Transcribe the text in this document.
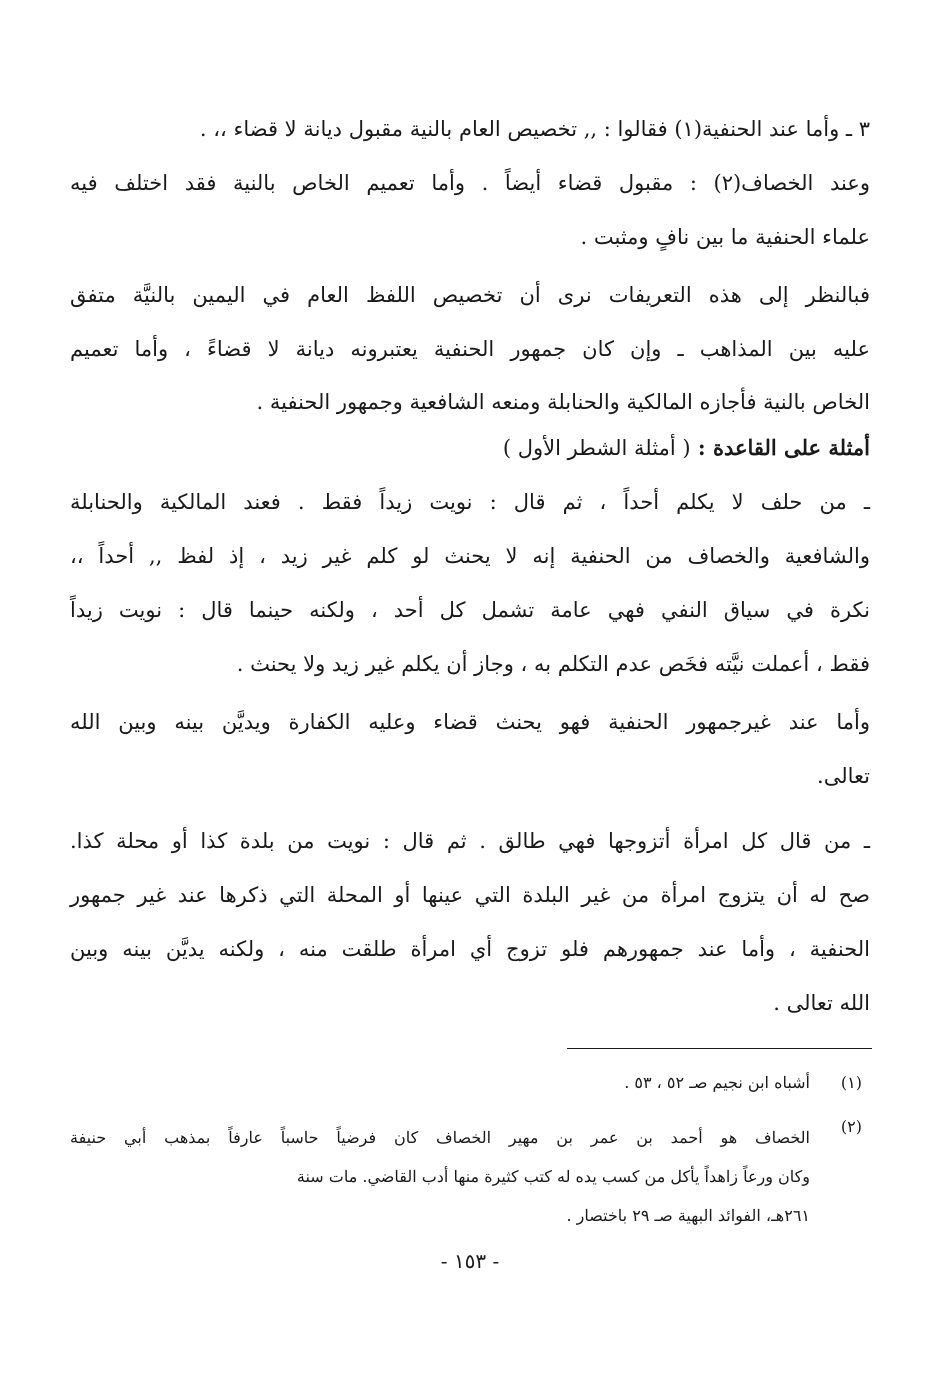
٣ ـ وأما عند الحنفية(١) فقالوا : ,, تخصيص العام بالنية مقبول ديانة لا قضاء ،، .
وعند الخصاف(٢) : مقبول قضاء أيضاً . وأما تعميم الخاص بالنية فقد اختلف فيه
علماء الحنفية ما بين نافٍ ومثبت .
فبالنظر إلى هذه التعريفات نرى أن تخصيص اللفظ العام في اليمين بالنيَّة متفق
عليه بين المذاهب ـ وإن كان جمهور الحنفية يعتبرونه ديانة لا قضاءً ، وأما تعميم
الخاص بالنية فأجازه المالكية والحنابلة ومنعه الشافعية وجمهور الحنفية .
أمثلة على القاعدة : ( أمثلة الشطر الأول )
ـ من حلف لا يكلم أحداً ، ثم قال : نويت زيداً فقط . فعند المالكية والحنابلة
والشافعية والخصاف من الحنفية إنه لا يحنث لو كلم غير زيد ، إذ لفظ ,, أحداً ،،
نكرة في سياق النفي فهي عامة تشمل كل أحد ، ولكنه حينما قال : نويت زيداً
فقط ، أعملت نيَّته فخَص عدم التكلم به ، وجاز أن يكلم غير زيد ولا يحنث .
وأما عند غيرجمهور الحنفية فهو يحنث قضاء وعليه الكفارة ويديَّن بينه وبين الله
تعالى.
ـ من قال كل امرأة أتزوجها فهي طالق . ثم قال : نويت من بلدة كذا أو محلة كذا.
صح له أن يتزوج امرأة من غير البلدة التي عينها أو المحلة التي ذكرها عند غير جمهور
الحنفية ، وأما عند جمهورهم فلو تزوج أي امرأة طلقت منه ، ولكنه يديَّن بينه وبين
الله تعالى .
(١)
أشباه ابن نجيم صـ ٥٢ ، ٥٣ .
(٢)
الخصاف هو أحمد بن عمر بن مهير الخصاف كان فرضياً حاسباً عارفاً بمذهب أبي حنيفة
وكان ورعاً زاهداً يأكل من كسب يده له كتب كثيرة منها أدب القاضي. مات سنة
٢٦١هـ، الفوائد البهية صـ ٢٩ باختصار .
- ١٥٣ -
